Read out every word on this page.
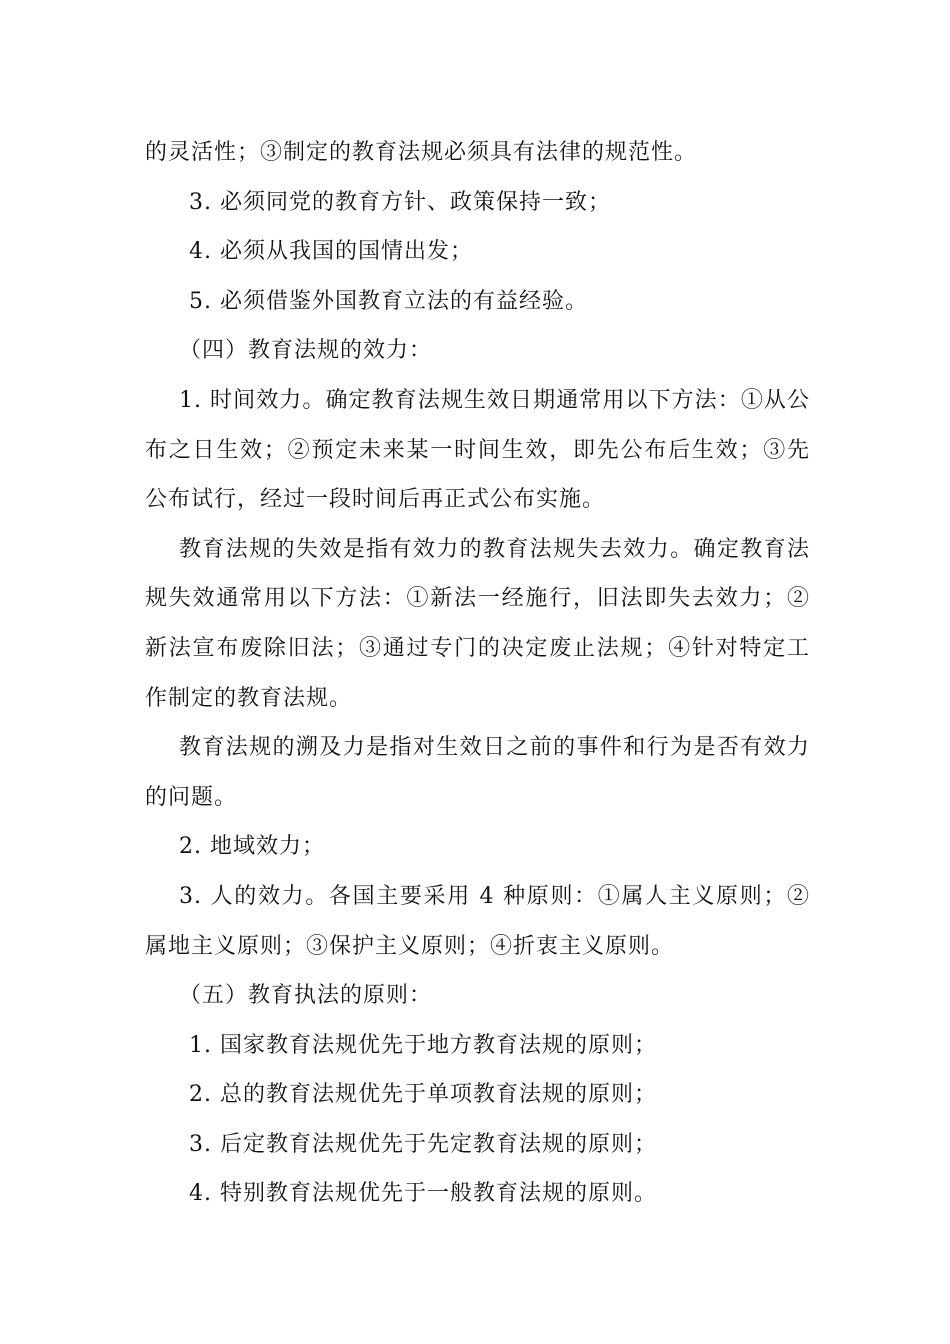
的灵活性；③制定的教育法规必须具有法律的规范性。

3. 必须同党的教育方针、政策保持一致；

4. 必须从我国的国情出发；

5. 必须借鉴外国教育立法的有益经验。

（四）教育法规的效力：

1. 时间效力。确定教育法规生效日期通常用以下方法：①从公布之日生效；②预定未来某一时间生效，即先公布后生效；③先公布试行，经过一段时间后再正式公布实施。

教育法规的失效是指有效力的教育法规失去效力。确定教育法规失效通常用以下方法：①新法一经施行，旧法即失去效力；②新法宣布废除旧法；③通过专门的决定废止法规；④针对特定工作制定的教育法规。

教育法规的溯及力是指对生效日之前的事件和行为是否有效力的问题。

2. 地域效力；

3. 人的效力。各国主要采用 4 种原则：①属人主义原则；②属地主义原则；③保护主义原则；④折衷主义原则。

（五）教育执法的原则：

1. 国家教育法规优先于地方教育法规的原则；

2. 总的教育法规优先于单项教育法规的原则；

3. 后定教育法规优先于先定教育法规的原则；

4. 特别教育法规优先于一般教育法规的原则。
